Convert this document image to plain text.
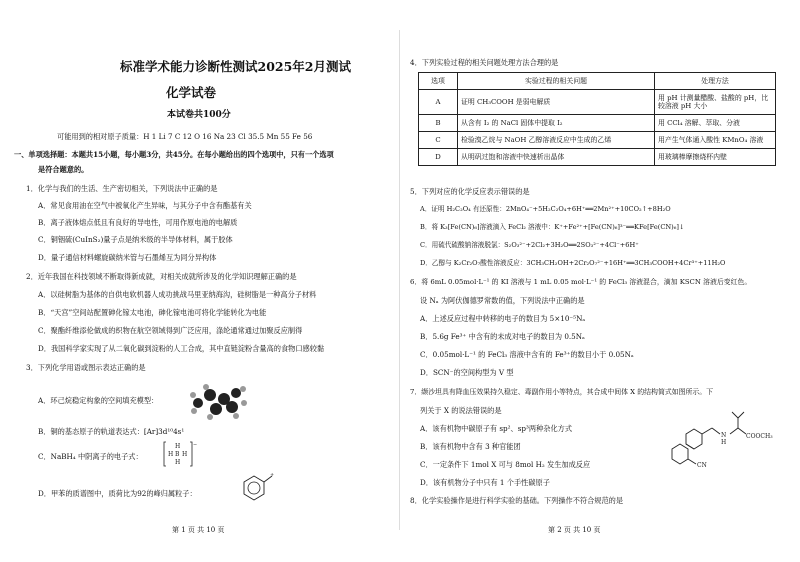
标准学术能力诊断性测试2025年2月测试
化学试卷
本试卷共100分
可能用到的相对原子质量：H 1 Li 7 C 12 O 16 Na 23 Cl 35.5 Mn 55 Fe 56
一、单项选择题：本题共15小题，每小题3分，共45分。在每小题给出的四个选项中，只有一个选项
是符合题意的。
1．化学与我们的生活、生产密切相关，下列说法中正确的是
A．常见食用油在空气中被氧化产生异味，与其分子中含有酯基有关
B．离子液体熔点低且有良好的导电性，可用作原电池的电解质
C．铜铟硫(CuInS₂)量子点是纳米级的半导体材料，属于胶体
D．量子通信材料螺旋碳纳米管与石墨烯互为同分异构体
2．近年我国在科技领域不断取得新成就，对相关成就所涉及的化学知识理解正确的是
A．以硅树脂为基体的自供电软机器人成功挑战马里亚纳海沟，硅树脂是一种高分子材料
B．“天宫”空间站配置砷化镓太电池，砷化镓电池可将化学能转化为电能
C．聚酯纤维添伦做成的织物在航空领域得到广泛应用，涤纶通常通过加聚反应制得
D．我国科学家实现了从二氧化碳到淀粉的人工合成，其中直链淀粉含量高的食物口感较黏
3．下列化学用语或图示表达正确的是
A．环己烷稳定构象的空间填充模型：
B．铜的基态原子的轨道表达式：[Ar]3d¹⁰4s¹
C．NaBH₄ 中阴离子的电子式：
H
H B H
H
−
D．甲苯的质谱图中，质荷比为92的峰归属粒子：
+
第 1 页 共 10 页
4．下列实验过程的相关问题处理方法合理的是
选项	实验过程的相关问题	处理方法
A	证明 CH₃COOH 是弱电解质	用 pH 计测量醋酸、盐酸的 pH，比较溶液 pH 大小
B	从含有 I₂ 的 NaCl 固体中提取 I₂	用 CCl₄ 溶解、萃取、分液
C	检验溴乙烷与 NaOH 乙醇溶液反应中生成的乙烯	用产生气体通入酸性 KMnO₄ 溶液
D	从明矾过饱和溶液中快速析出晶体	用玻璃棒摩擦烧杯内壁
5．下列对应的化学反应表示错误的是
A．证明 H₂C₂O₄ 有还原性：2MnO₄⁻+5H₂C₂O₄+6H⁺══2Mn²⁺+10CO₂↑+8H₂O
B．将 K₃[Fe(CN)₆]溶液滴入 FeCl₂ 溶液中：K⁺+Fe²⁺+[Fe(CN)₆]³⁻══KFe[Fe(CN)₆]↓
C．用硫代硫酸钠溶液脱氯：S₂O₃²⁻+2Cl₂+3H₂O══2SO₃²⁻+4Cl⁻+6H⁺
D．乙醇与 K₂Cr₂O₇酸性溶液反应：3CH₃CH₂OH+2Cr₂O₇²⁻+16H⁺══3CH₃COOH+4Cr³⁺+11H₂O
6．将 6mL 0.05mol·L⁻¹ 的 KI 溶液与 1 mL 0.05 mol·L⁻¹ 的 FeCl₃ 溶液混合，滴加 KSCN 溶液后变红色。
设 Nₐ 为阿伏伽德罗常数的值，下列说法中正确的是
A．上述反应过程中转移的电子的数目为 5×10⁻⁵Nₐ
B．5.6g Fe³⁺ 中含有的未成对电子的数目为 0.5Nₐ
C．0.05mol·L⁻¹ 的 FeCl₃ 溶液中含有的 Fe³⁺的数目小于 0.05Nₐ
D．SCN⁻的空间构型为 V 型
7．缬沙坦具有降血压效果持久稳定、毒副作用小等特点，其合成中间体 X 的结构简式如图所示。下
列关于 X 的说法错误的是
A．该有机物中碳原子有 sp²、sp³两种杂化方式
B．该有机物中含有 3 种官能团
C．一定条件下 1mol X 可与 8mol H₂ 发生加成反应
D．该有机物分子中只有 1 个手性碳原子
N
H
COOCH₃
CN
8．化学实验操作是进行科学实验的基础。下列操作不符合规范的是
第 2 页 共 10 页
